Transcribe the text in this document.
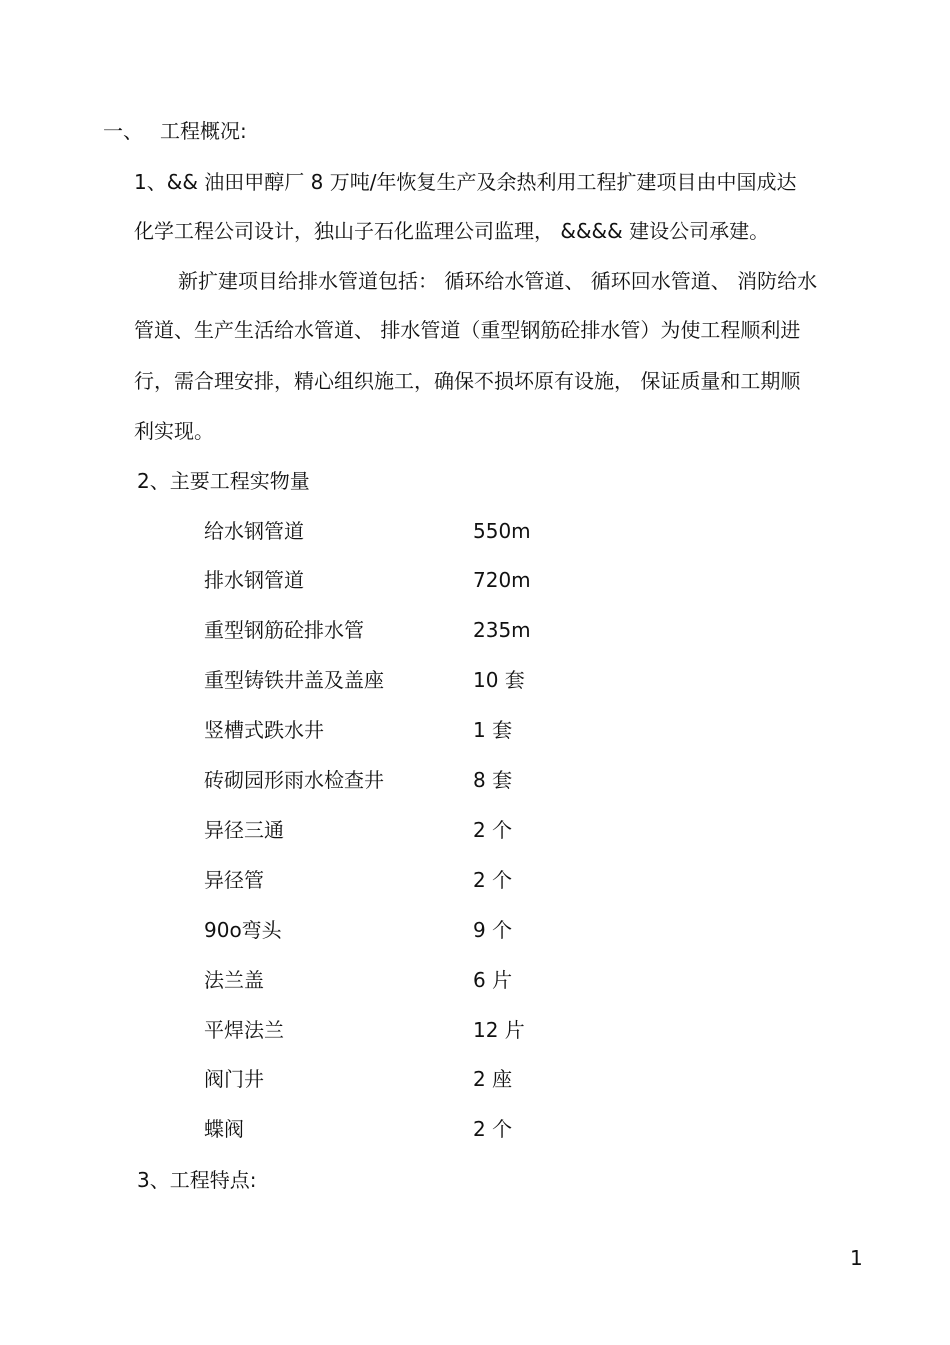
一、 工程概况:
1、&& 油田甲醇厂 8 万吨/年恢复生产及余热利用工程扩建项目由中国成达
化学工程公司设计，独山子石化监理公司监理， &&&& 建设公司承建。
新扩建项目给排水管道包括： 循环给水管道、 循环回水管道、 消防给水
管道、生产生活给水管道、 排水管道（重型钢筋砼排水管）为使工程顺利进
行，需合理安排，精心组织施工，确保不损坏原有设施， 保证质量和工期顺
利实现。
2、主要工程实物量
给水钢管道	550m
排水钢管道	720m
重型钢筋砼排水管	235m
重型铸铁井盖及盖座	10 套
竖槽式跌水井	1 套
砖砌园形雨水检查井	8 套
异径三通	2 个
异径管	2 个
90o弯头	9 个
法兰盖	6 片
平焊法兰	12 片
阀门井	2 座
蝶阀	2 个
3、工程特点:
1
